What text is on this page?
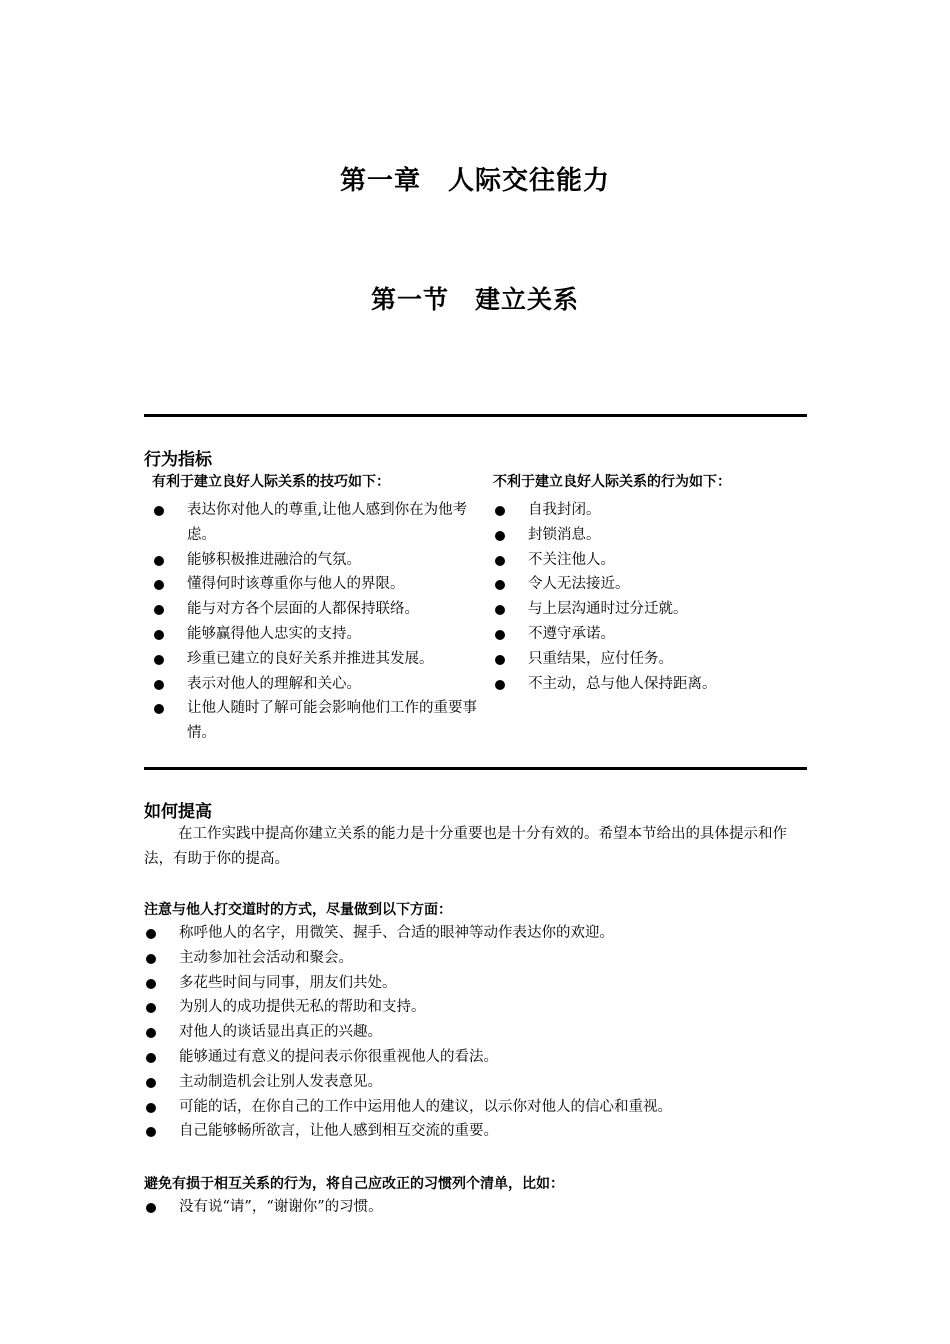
第一章　人际交往能力
第一节　建立关系
行为指标
有利于建立良好人际关系的技巧如下：
表达你对他人的尊重,让他人感到你在为他考虑。
能够积极推进融洽的气氛。
懂得何时该尊重你与他人的界限。
能与对方各个层面的人都保持联络。
能够赢得他人忠实的支持。
珍重已建立的良好关系并推进其发展。
表示对他人的理解和关心。
让他人随时了解可能会影响他们工作的重要事情。
不利于建立良好人际关系的行为如下：
自我封闭。
封锁消息。
不关注他人。
令人无法接近。
与上层沟通时过分迁就。
不遵守承诺。
只重结果，应付任务。
不主动，总与他人保持距离。
如何提高
在工作实践中提高你建立关系的能力是十分重要也是十分有效的。希望本节给出的具体提示和作法，有助于你的提高。
注意与他人打交道时的方式，尽量做到以下方面：
称呼他人的名字，用微笑、握手、合适的眼神等动作表达你的欢迎。
主动参加社会活动和聚会。
多花些时间与同事，朋友们共处。
为别人的成功提供无私的帮助和支持。
对他人的谈话显出真正的兴趣。
能够通过有意义的提问表示你很重视他人的看法。
主动制造机会让别人发表意见。
可能的话，在你自己的工作中运用他人的建议，以示你对他人的信心和重视。
自己能够畅所欲言，让他人感到相互交流的重要。
避免有损于相互关系的行为，将自己应改正的习惯列个清单，比如：
没有说“请”，“谢谢你”的习惯。
